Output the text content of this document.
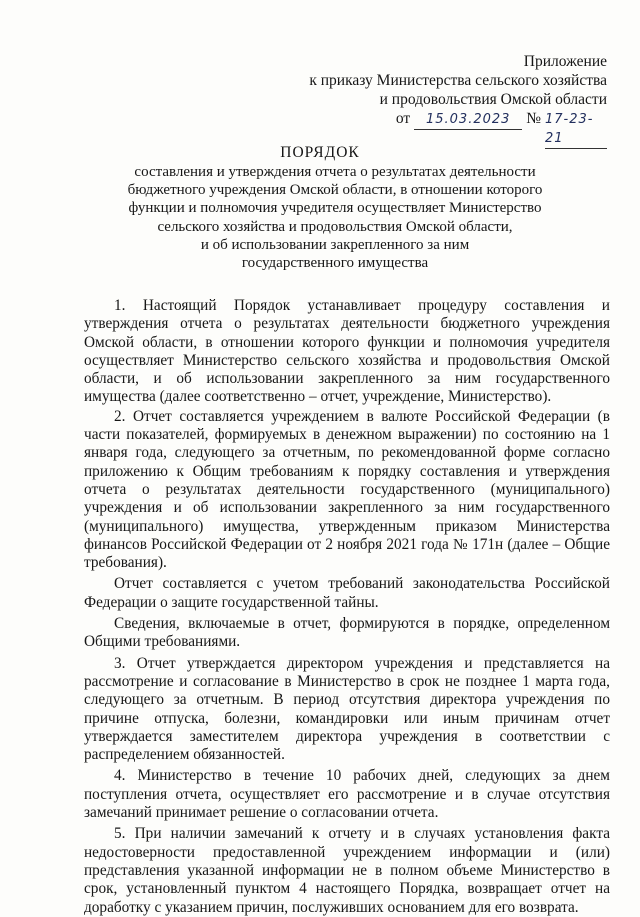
Приложение
к приказу Министерства сельского хозяйства
и продовольствия Омской области
от	15.03.2023	№ 17-23-21
ПОРЯДОК
составления и утверждения отчета о результатах деятельности
бюджетного учреждения Омской области, в отношении которого
функции и полномочия учредителя осуществляет Министерство
сельского хозяйства и продовольствия Омской области,
и об использовании закрепленного за ним
государственного имущества

1. Настоящий Порядок устанавливает процедуру составления и утверждения отчета о результатах деятельности бюджетного учреждения Омской области, в отношении которого функции и полномочия учредителя осуществляет Министерство сельского хозяйства и продовольствия Омской области, и об использовании закрепленного за ним государственного имущества (далее соответственно – отчет, учреждение, Министерство).

2. Отчет составляется учреждением в валюте Российской Федерации (в части показателей, формируемых в денежном выражении) по состоянию на 1 января года, следующего за отчетным, по рекомендованной форме согласно приложению к Общим требованиям к порядку составления и утверждения отчета о результатах деятельности государственного (муниципального) учреждения и об использовании закрепленного за ним государственного (муниципального) имущества, утвержденным приказом Министерства финансов Российской Федерации от 2 ноября 2021 года № 171н (далее – Общие требования).

Отчет составляется с учетом требований законодательства Российской Федерации о защите государственной тайны.

Сведения, включаемые в отчет, формируются в порядке, определенном Общими требованиями.

3. Отчет утверждается директором учреждения и представляется на рассмотрение и согласование в Министерство в срок не позднее 1 марта года, следующего за отчетным. В период отсутствия директора учреждения по причине отпуска, болезни, командировки или иным причинам отчет утверждается заместителем директора учреждения в соответствии с распределением обязанностей.

4. Министерство в течение 10 рабочих дней, следующих за днем поступления отчета, осуществляет его рассмотрение и в случае отсутствия замечаний принимает решение о согласовании отчета.

5. При наличии замечаний к отчету и в случаях установления факта недостоверности предоставленной учреждением информации и (или) представления указанной информации не в полном объеме Министерство в срок, установленный пунктом 4 настоящего Порядка, возвращает отчет на доработку с указанием причин, послуживших основанием для его возврата.
